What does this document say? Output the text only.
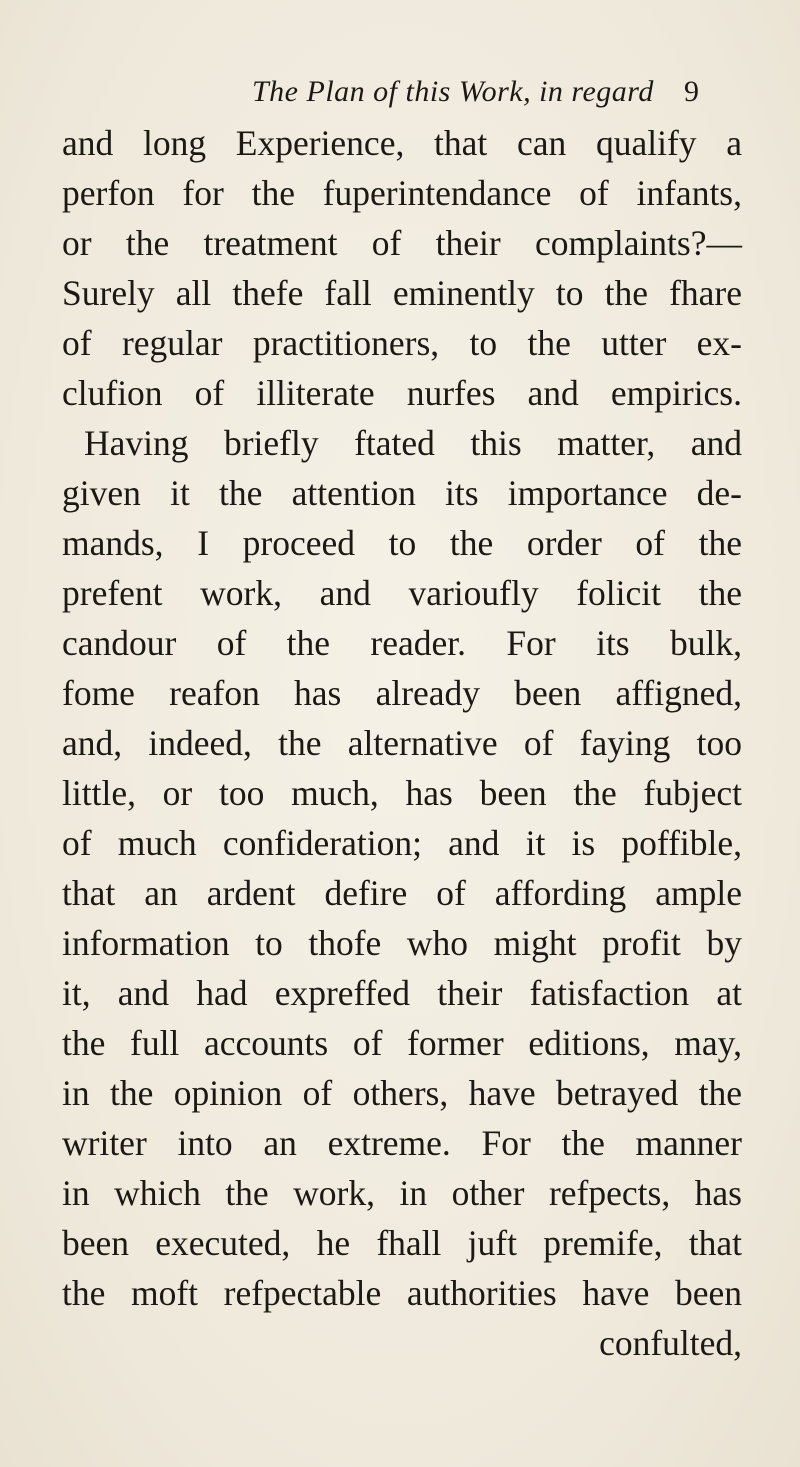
The Plan of this Work, in regard 9
and long Experience, that can qualify a
perfon for the fuperintendance of infants,
or the treatment of their complaints?—
Surely all thefe fall eminently to the fhare
of regular practitioners, to the utter ex-
clufion of illiterate nurfes and empirics.
Having briefly ftated this matter, and
given it the attention its importance de-
mands, I proceed to the order of the
prefent work, and varioufly folicit the
candour of the reader. For its bulk,
fome reafon has already been affigned,
and, indeed, the alternative of faying too
little, or too much, has been the fubject
of much confideration; and it is poffible,
that an ardent defire of affording ample
information to thofe who might profit by
it, and had expreffed their fatisfaction at
the full accounts of former editions, may,
in the opinion of others, have betrayed the
writer into an extreme. For the manner
in which the work, in other refpects, has
been executed, he fhall juft premife, that
the moft refpectable authorities have been
confulted,
